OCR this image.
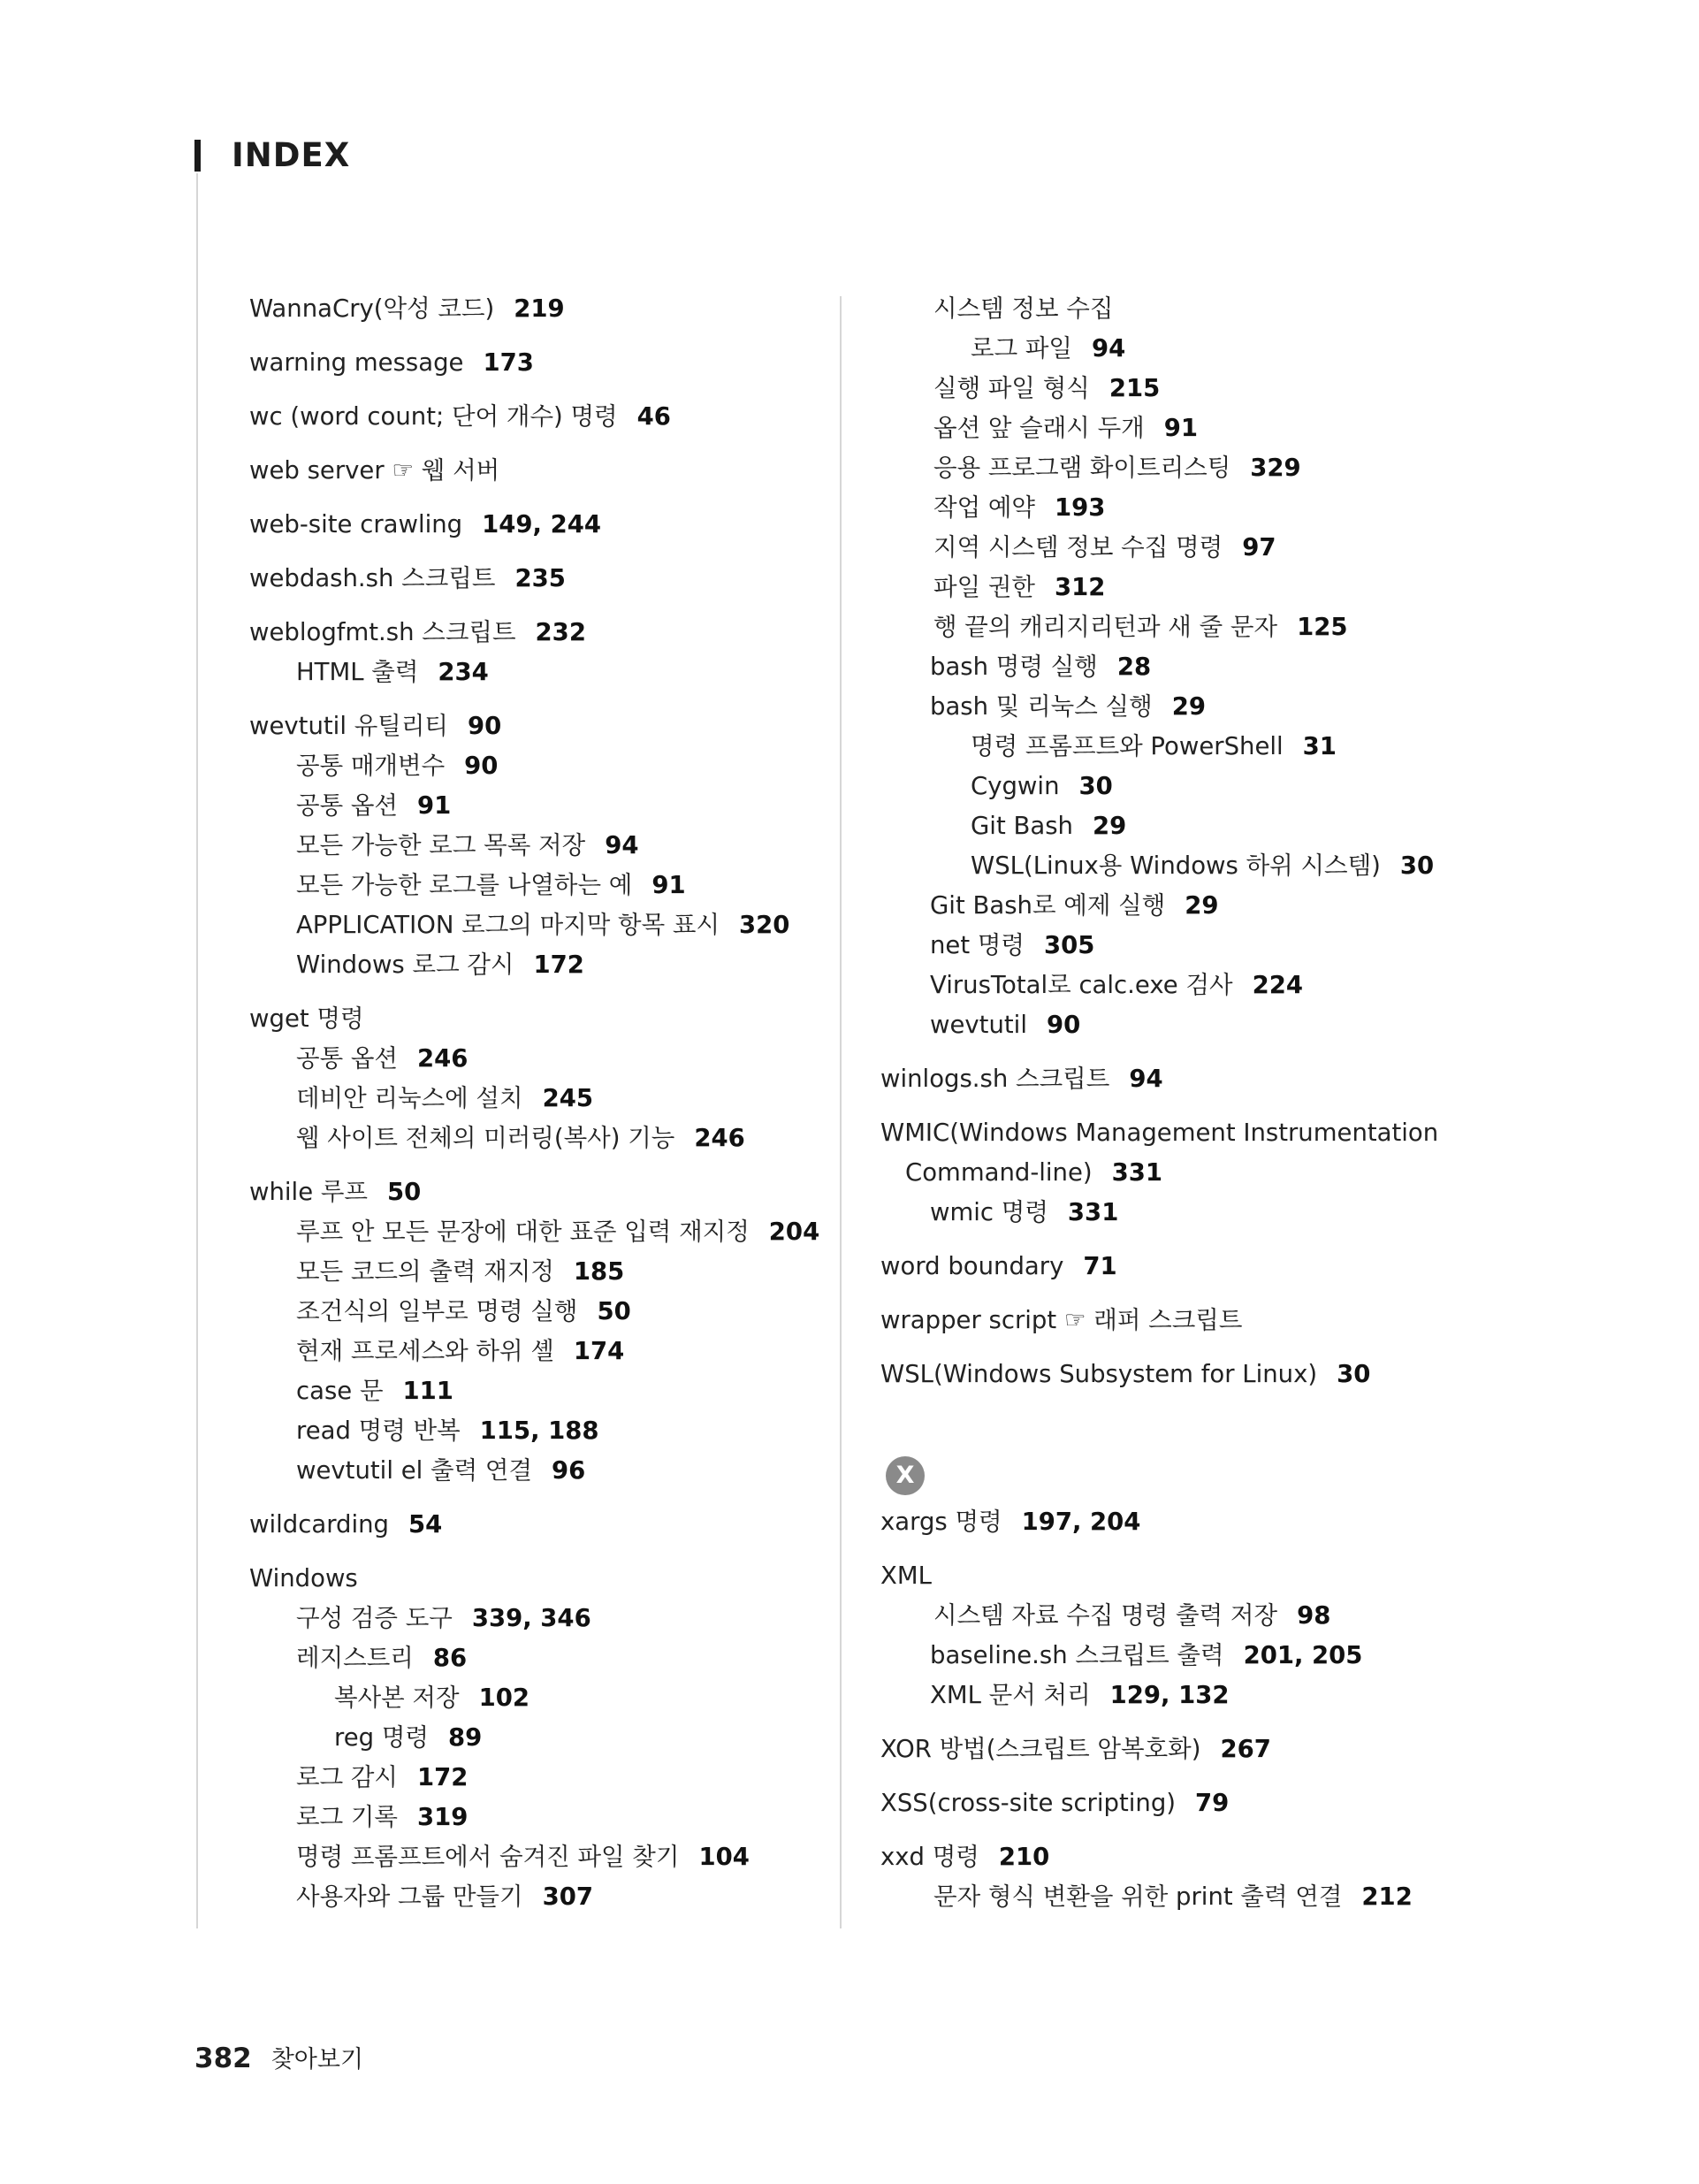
INDEX
WannaCry(악성 코드) 219
warning message 173
wc (word count; 단어 개수) 명령 46
web server ☞ 웹 서버
web-site crawling 149, 244
webdash.sh 스크립트 235
weblogfmt.sh 스크립트 232
HTML 출력 234
wevtutil 유틸리티 90
공통 매개변수 90
공통 옵션 91
모든 가능한 로그 목록 저장 94
모든 가능한 로그를 나열하는 예 91
APPLICATION 로그의 마지막 항목 표시 320
Windows 로그 감시 172
wget 명령
공통 옵션 246
데비안 리눅스에 설치 245
웹 사이트 전체의 미러링(복사) 기능 246
while 루프 50
루프 안 모든 문장에 대한 표준 입력 재지정 204
모든 코드의 출력 재지정 185
조건식의 일부로 명령 실행 50
현재 프로세스와 하위 셸 174
case 문 111
read 명령 반복 115, 188
wevtutil el 출력 연결 96
wildcarding 54
Windows
구성 검증 도구 339, 346
레지스트리 86
복사본 저장 102
reg 명령 89
로그 감시 172
로그 기록 319
명령 프롬프트에서 숨겨진 파일 찾기 104
사용자와 그룹 만들기 307
시스템 정보 수집
로그 파일 94
실행 파일 형식 215
옵션 앞 슬래시 두개 91
응용 프로그램 화이트리스팅 329
작업 예약 193
지역 시스템 정보 수집 명령 97
파일 권한 312
행 끝의 캐리지리턴과 새 줄 문자 125
bash 명령 실행 28
bash 및 리눅스 실행 29
명령 프롬프트와 PowerShell 31
Cygwin 30
Git Bash 29
WSL(Linux용 Windows 하위 시스템) 30
Git Bash로 예제 실행 29
net 명령 305
VirusTotal로 calc.exe 검사 224
wevtutil 90
winlogs.sh 스크립트 94
WMIC(Windows Management Instrumentation
Command-line) 331
wmic 명령 331
word boundary 71
wrapper script ☞ 래퍼 스크립트
WSL(Windows Subsystem for Linux) 30
X
xargs 명령 197, 204
XML
시스템 자료 수집 명령 출력 저장 98
baseline.sh 스크립트 출력 201, 205
XML 문서 처리 129, 132
XOR 방법(스크립트 암복호화) 267
XSS(cross-site scripting) 79
xxd 명령 210
문자 형식 변환을 위한 print 출력 연결 212
382 찾아보기
